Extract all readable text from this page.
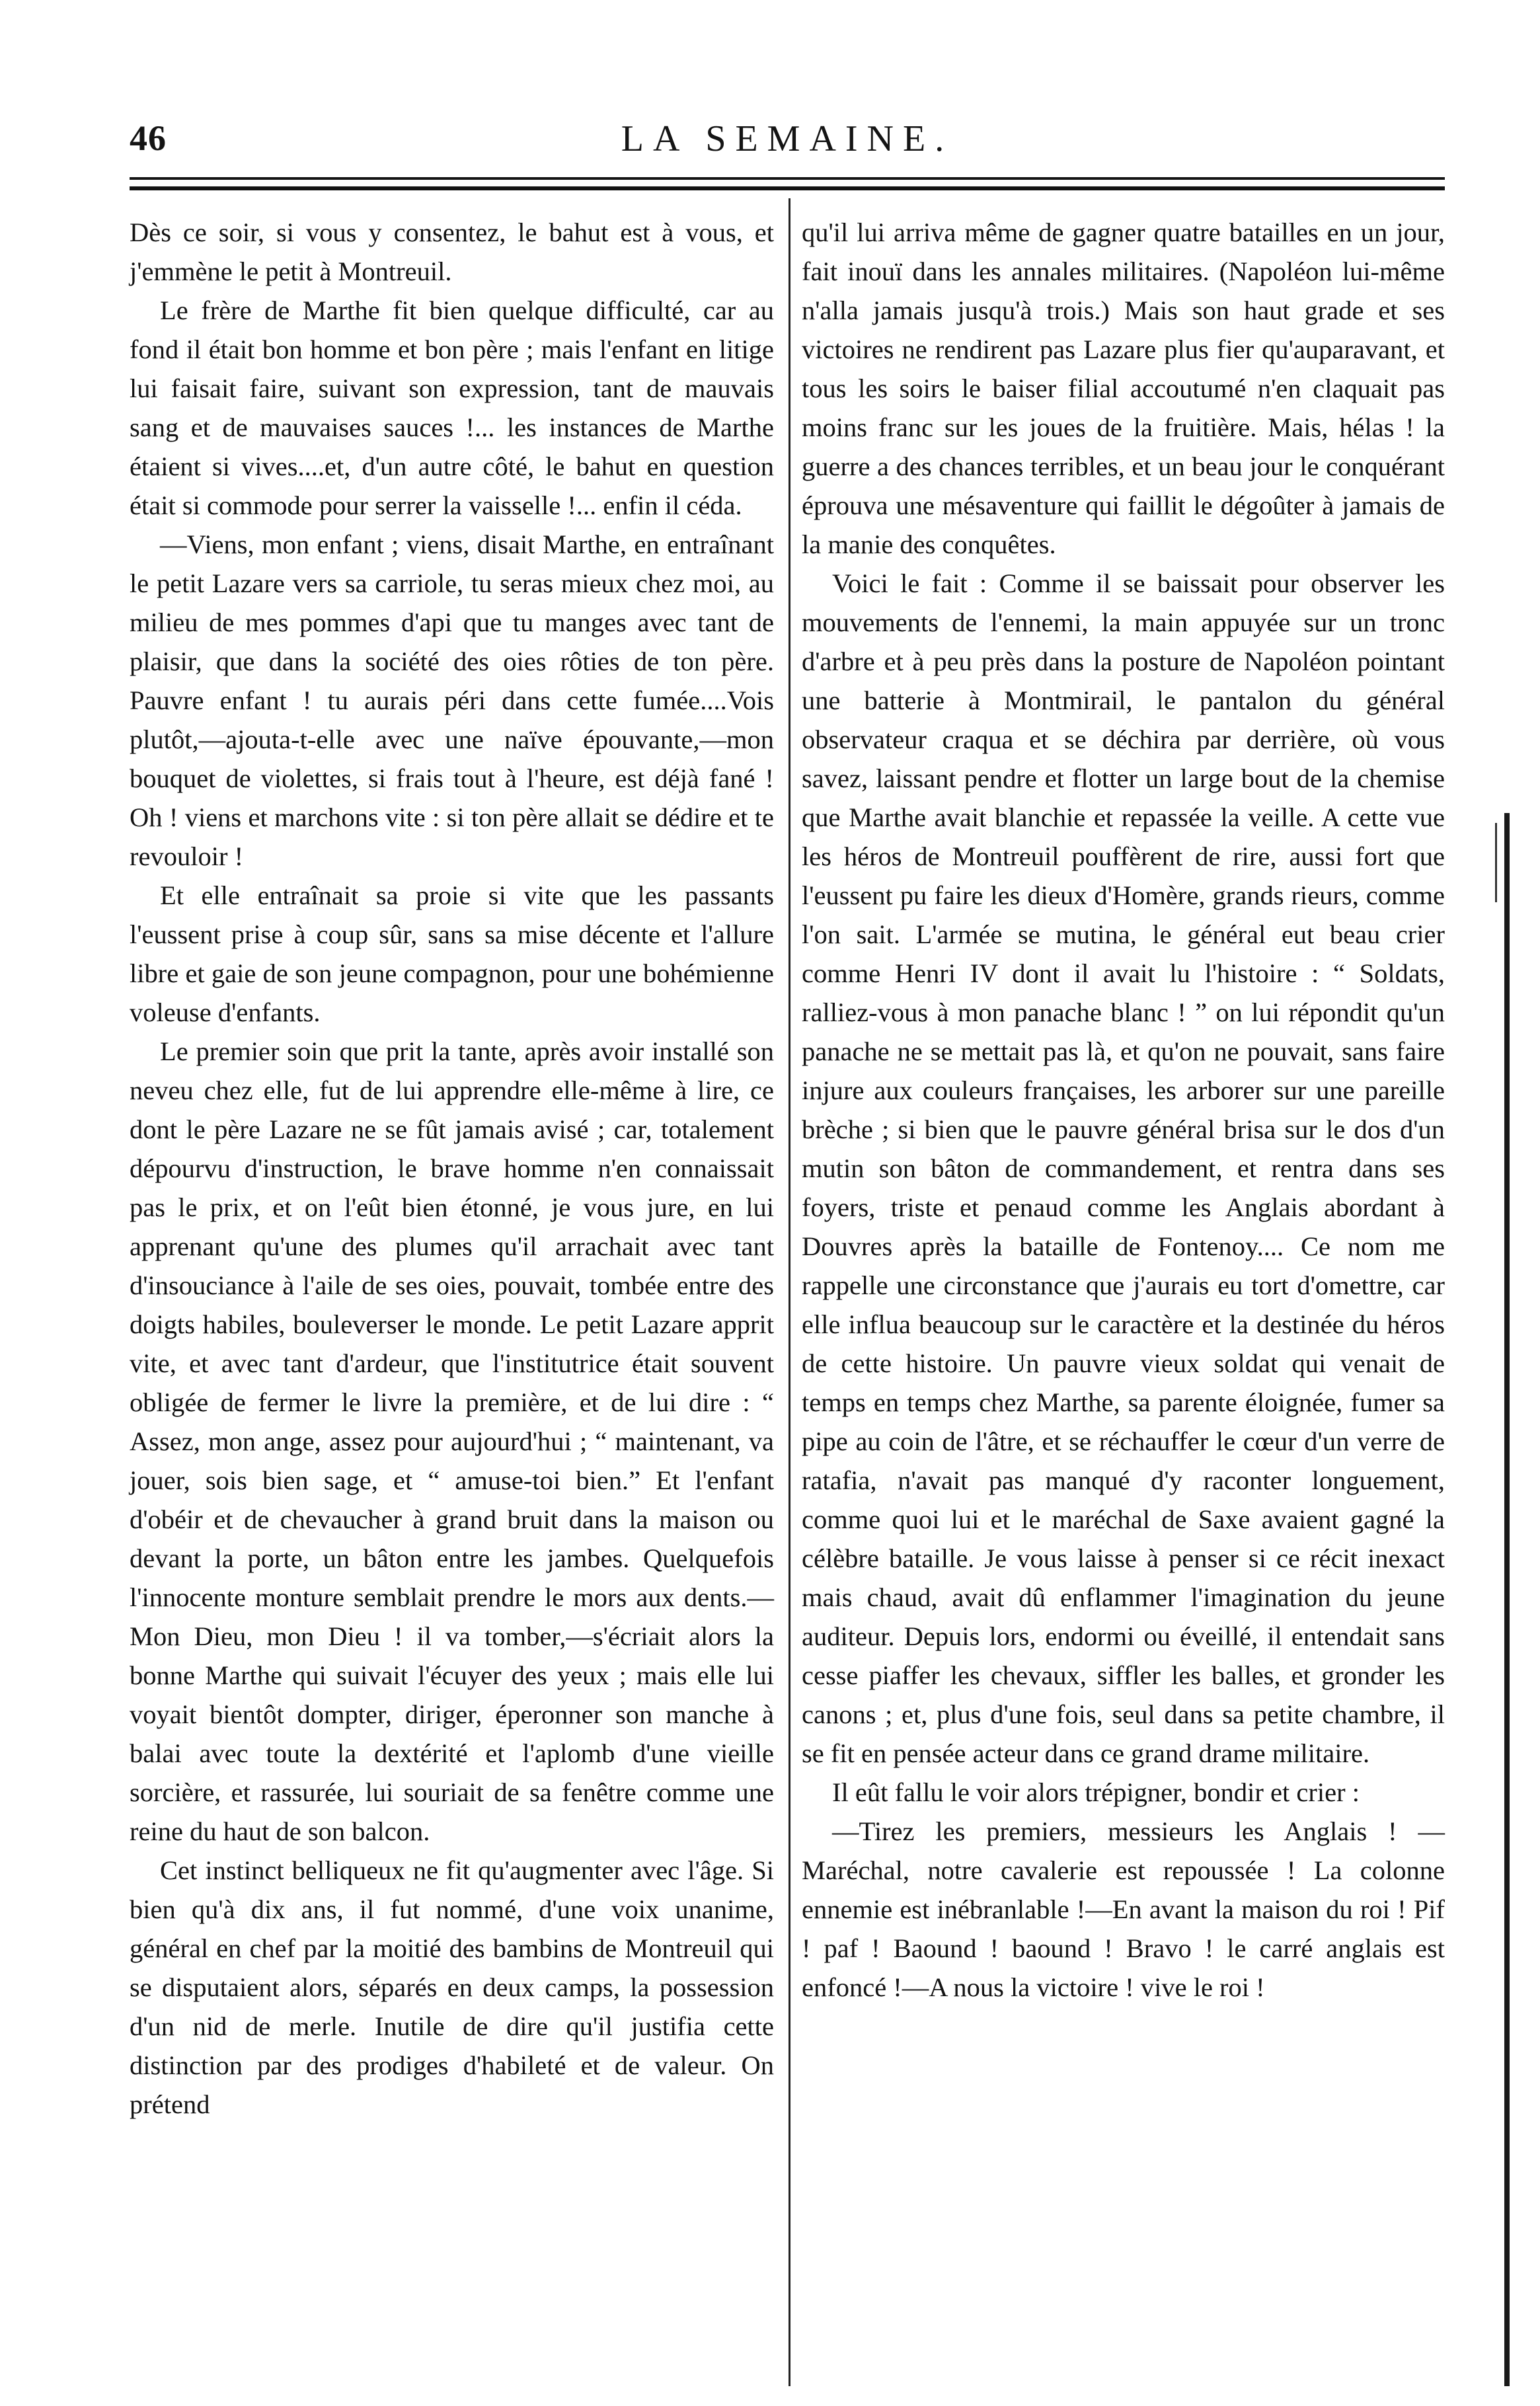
46	LA SEMAINE.

Dès ce soir, si vous y consentez, le bahut est à vous, et j'emmène le petit à Montreuil.

Le frère de Marthe fit bien quelque difficulté, car au fond il était bon homme et bon père ; mais l'enfant en litige lui faisait faire, suivant son expression, tant de mauvais sang et de mauvaises sauces !... les instances de Marthe étaient si vives....et, d'un autre côté, le bahut en question était si commode pour serrer la vaisselle !... enfin il céda.

—Viens, mon enfant ; viens, disait Marthe, en entraînant le petit Lazare vers sa carriole, tu seras mieux chez moi, au milieu de mes pommes d'api que tu manges avec tant de plaisir, que dans la société des oies rôties de ton père. Pauvre enfant ! tu aurais péri dans cette fumée....Vois plutôt,—ajouta-t-elle avec une naïve épouvante,—mon bouquet de violettes, si frais tout à l'heure, est déjà fané ! Oh ! viens et marchons vite : si ton père allait se dédire et te revouloir !

Et elle entraînait sa proie si vite que les passants l'eussent prise à coup sûr, sans sa mise décente et l'allure libre et gaie de son jeune compagnon, pour une bohémienne voleuse d'enfants.

Le premier soin que prit la tante, après avoir installé son neveu chez elle, fut de lui apprendre elle-même à lire, ce dont le père Lazare ne se fût jamais avisé ; car, totalement dépourvu d'instruction, le brave homme n'en connaissait pas le prix, et on l'eût bien étonné, je vous jure, en lui apprenant qu'une des plumes qu'il arrachait avec tant d'insouciance à l'aile de ses oies, pouvait, tombée entre des doigts habiles, bouleverser le monde. Le petit Lazare apprit vite, et avec tant d'ardeur, que l'institutrice était souvent obligée de fermer le livre la première, et de lui dire : “ Assez, mon ange, assez pour aujourd'hui ; “ maintenant, va jouer, sois bien sage, et “ amuse-toi bien.” Et l'enfant d'obéir et de chevaucher à grand bruit dans la maison ou devant la porte, un bâton entre les jambes. Quelquefois l'innocente monture semblait prendre le mors aux dents.—Mon Dieu, mon Dieu ! il va tomber,—s'écriait alors la bonne Marthe qui suivait l'écuyer des yeux ; mais elle lui voyait bientôt dompter, diriger, éperonner son manche à balai avec toute la dextérité et l'aplomb d'une vieille sorcière, et rassurée, lui souriait de sa fenêtre comme une reine du haut de son balcon.

Cet instinct belliqueux ne fit qu'augmenter avec l'âge. Si bien qu'à dix ans, il fut nommé, d'une voix unanime, général en chef par la moitié des bambins de Montreuil qui se disputaient alors, séparés en deux camps, la possession d'un nid de merle. Inutile de dire qu'il justifia cette distinction par des prodiges d'habileté et de valeur. On prétend

qu'il lui arriva même de gagner quatre batailles en un jour, fait inouï dans les annales militaires. (Napoléon lui-même n'alla jamais jusqu'à trois.) Mais son haut grade et ses victoires ne rendirent pas Lazare plus fier qu'auparavant, et tous les soirs le baiser filial accoutumé n'en claquait pas moins franc sur les joues de la fruitière. Mais, hélas ! la guerre a des chances terribles, et un beau jour le conquérant éprouva une mésaventure qui faillit le dégoûter à jamais de la manie des conquêtes.

Voici le fait : Comme il se baissait pour observer les mouvements de l'ennemi, la main appuyée sur un tronc d'arbre et à peu près dans la posture de Napoléon pointant une batterie à Montmirail, le pantalon du général observateur craqua et se déchira par derrière, où vous savez, laissant pendre et flotter un large bout de la chemise que Marthe avait blanchie et repassée la veille. A cette vue les héros de Montreuil pouffèrent de rire, aussi fort que l'eussent pu faire les dieux d'Homère, grands rieurs, comme l'on sait. L'armée se mutina, le général eut beau crier comme Henri IV dont il avait lu l'histoire : “ Soldats, ralliez-vous à mon panache blanc ! ” on lui répondit qu'un panache ne se mettait pas là, et qu'on ne pouvait, sans faire injure aux couleurs françaises, les arborer sur une pareille brèche ; si bien que le pauvre général brisa sur le dos d'un mutin son bâton de commandement, et rentra dans ses foyers, triste et penaud comme les Anglais abordant à Douvres après la bataille de Fontenoy.... Ce nom me rappelle une circonstance que j'aurais eu tort d'omettre, car elle influa beaucoup sur le caractère et la destinée du héros de cette histoire. Un pauvre vieux soldat qui venait de temps en temps chez Marthe, sa parente éloignée, fumer sa pipe au coin de l'âtre, et se réchauffer le cœur d'un verre de ratafia, n'avait pas manqué d'y raconter longuement, comme quoi lui et le maréchal de Saxe avaient gagné la célèbre bataille. Je vous laisse à penser si ce récit inexact mais chaud, avait dû enflammer l'imagination du jeune auditeur. Depuis lors, endormi ou éveillé, il entendait sans cesse piaffer les chevaux, siffler les balles, et gronder les canons ; et, plus d'une fois, seul dans sa petite chambre, il se fit en pensée acteur dans ce grand drame militaire.

Il eût fallu le voir alors trépigner, bondir et crier :

—Tirez les premiers, messieurs les Anglais ! —Maréchal, notre cavalerie est repoussée ! La colonne ennemie est inébranlable !—En avant la maison du roi ! Pif ! paf ! Baound ! baound ! Bravo ! le carré anglais est enfoncé !—A nous la victoire ! vive le roi !
